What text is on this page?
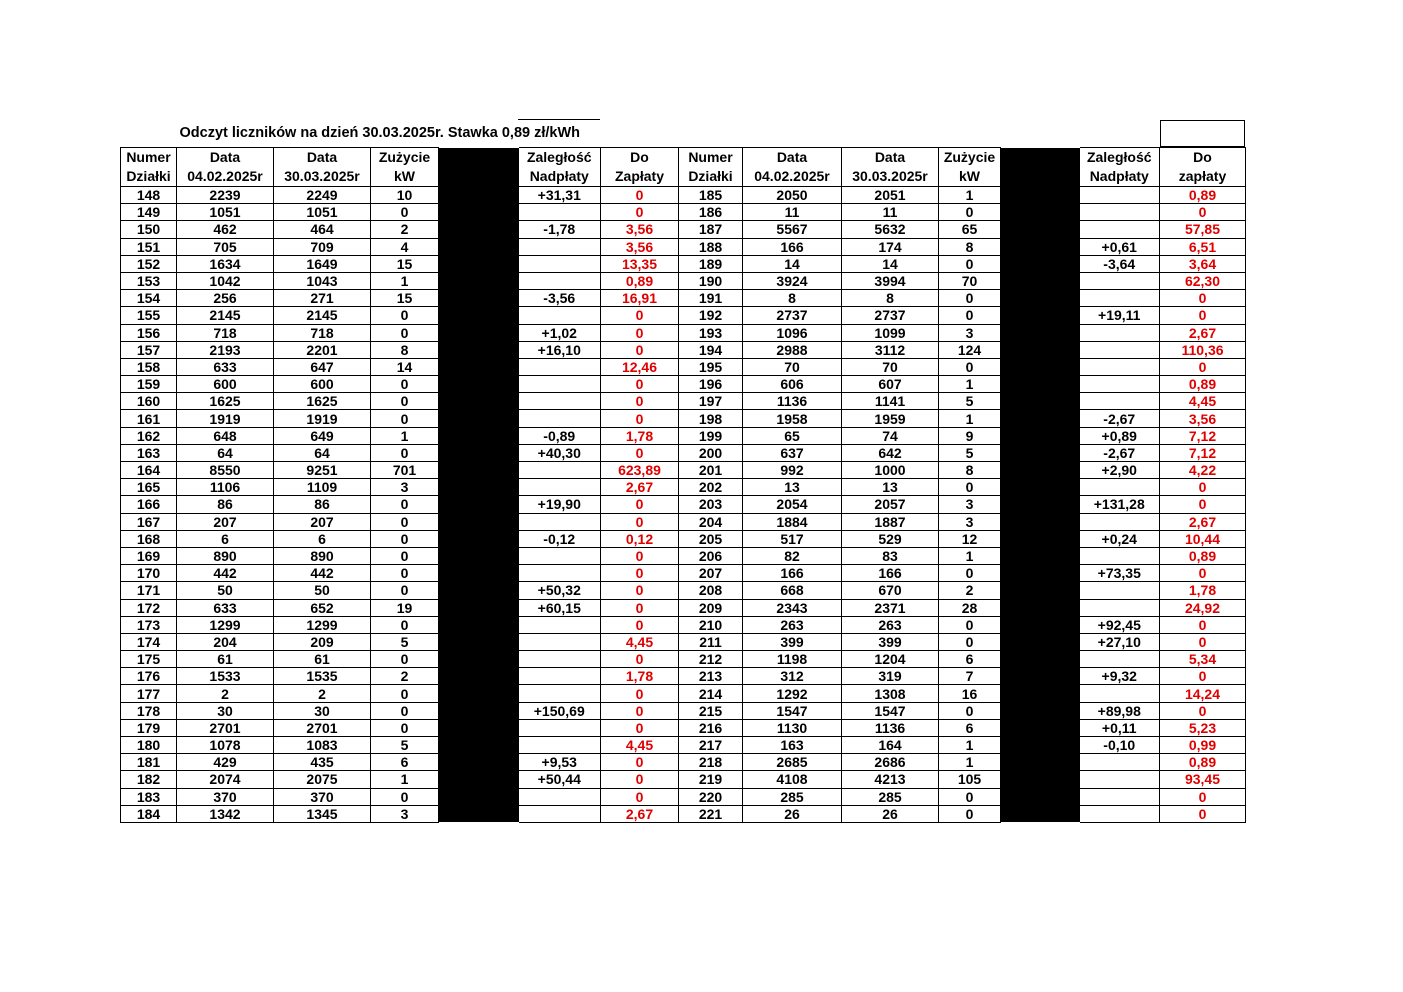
Odczyt liczników na dzień 30.03.2025r. Stawka 0,89 zł/kWh													
Numer	Data	Data	Zużycie		Zaległość	Do	Numer	Data	Data	Zużycie		Zaległość	Do
Działki	04.02.2025r	30.03.2025r	kW		Nadpłaty	Zapłaty	Działki	04.02.2025r	30.03.2025r	kW		Nadpłaty	zapłaty
148	2239	2249	10		+31,31	0	185	2050	2051	1			0,89
149	1051	1051	0			0	186	11	11	0			0
150	462	464	2		-1,78	3,56	187	5567	5632	65			57,85
151	705	709	4			3,56	188	166	174	8		+0,61	6,51
152	1634	1649	15			13,35	189	14	14	0		-3,64	3,64
153	1042	1043	1			0,89	190	3924	3994	70			62,30
154	256	271	15		-3,56	16,91	191	8	8	0			0
155	2145	2145	0			0	192	2737	2737	0		+19,11	0
156	718	718	0		+1,02	0	193	1096	1099	3			2,67
157	2193	2201	8		+16,10	0	194	2988	3112	124			110,36
158	633	647	14			12,46	195	70	70	0			0
159	600	600	0			0	196	606	607	1			0,89
160	1625	1625	0			0	197	1136	1141	5			4,45
161	1919	1919	0			0	198	1958	1959	1		-2,67	3,56
162	648	649	1		-0,89	1,78	199	65	74	9		+0,89	7,12
163	64	64	0		+40,30	0	200	637	642	5		-2,67	7,12
164	8550	9251	701			623,89	201	992	1000	8		+2,90	4,22
165	1106	1109	3			2,67	202	13	13	0			0
166	86	86	0		+19,90	0	203	2054	2057	3		+131,28	0
167	207	207	0			0	204	1884	1887	3			2,67
168	6	6	0		-0,12	0,12	205	517	529	12		+0,24	10,44
169	890	890	0			0	206	82	83	1			0,89
170	442	442	0			0	207	166	166	0		+73,35	0
171	50	50	0		+50,32	0	208	668	670	2			1,78
172	633	652	19		+60,15	0	209	2343	2371	28			24,92
173	1299	1299	0			0	210	263	263	0		+92,45	0
174	204	209	5			4,45	211	399	399	0		+27,10	0
175	61	61	0			0	212	1198	1204	6			5,34
176	1533	1535	2			1,78	213	312	319	7		+9,32	0
177	2	2	0			0	214	1292	1308	16			14,24
178	30	30	0		+150,69	0	215	1547	1547	0		+89,98	0
179	2701	2701	0			0	216	1130	1136	6		+0,11	5,23
180	1078	1083	5			4,45	217	163	164	1		-0,10	0,99
181	429	435	6		+9,53	0	218	2685	2686	1			0,89
182	2074	2075	1		+50,44	0	219	4108	4213	105			93,45
183	370	370	0			0	220	285	285	0			0
184	1342	1345	3			2,67	221	26	26	0			0
